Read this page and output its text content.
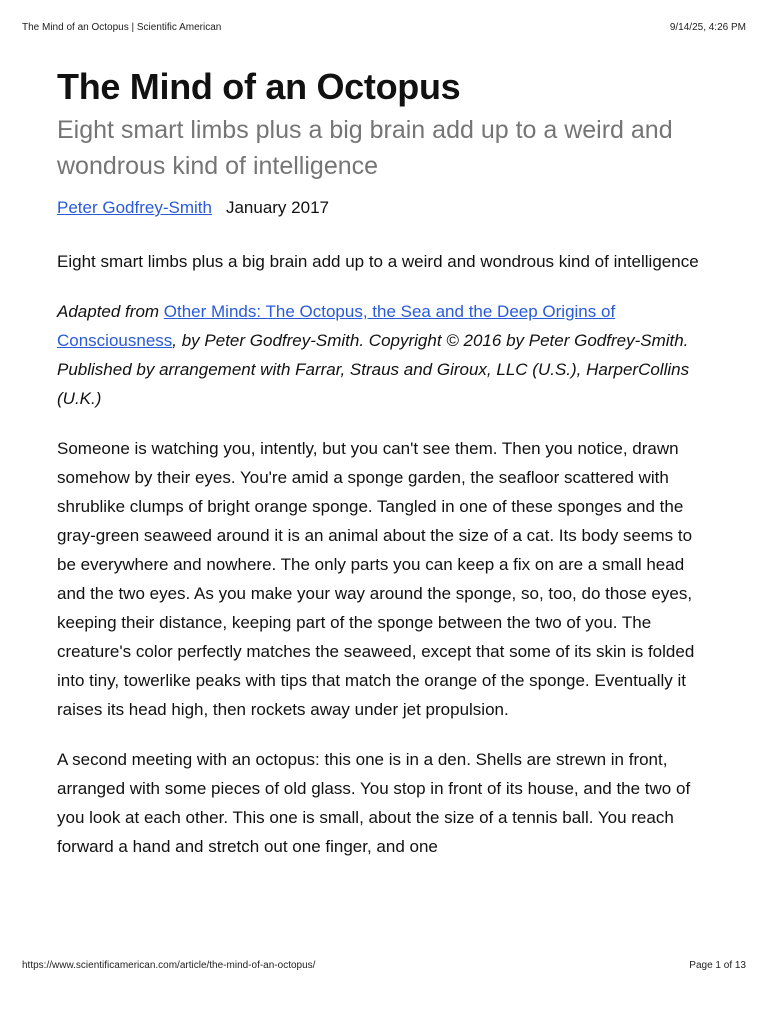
The Mind of an Octopus | Scientific American	9/14/25, 4:26 PM
The Mind of an Octopus
Eight smart limbs plus a big brain add up to a weird and wondrous kind of intelligence
Peter Godfrey-Smith January 2017

Eight smart limbs plus a big brain add up to a weird and wondrous kind of intelligence

Adapted from Other Minds: The Octopus, the Sea and the Deep Origins of Consciousness, by Peter Godfrey-Smith. Copyright © 2016 by Peter Godfrey-Smith. Published by arrangement with Farrar, Straus and Giroux, LLC (U.S.), HarperCollins (U.K.)

Someone is watching you, intently, but you can't see them. Then you notice, drawn somehow by their eyes. You're amid a sponge garden, the seafloor scattered with shrublike clumps of bright orange sponge. Tangled in one of these sponges and the gray-green seaweed around it is an animal about the size of a cat. Its body seems to be everywhere and nowhere. The only parts you can keep a fix on are a small head and the two eyes. As you make your way around the sponge, so, too, do those eyes, keeping their distance, keeping part of the sponge between the two of you. The creature's color perfectly matches the seaweed, except that some of its skin is folded into tiny, towerlike peaks with tips that match the orange of the sponge. Eventually it raises its head high, then rockets away under jet propulsion.

A second meeting with an octopus: this one is in a den. Shells are strewn in front, arranged with some pieces of old glass. You stop in front of its house, and the two of you look at each other. This one is small, about the size of a tennis ball. You reach forward a hand and stretch out one finger, and one

https://www.scientificamerican.com/article/the-mind-of-an-octopus/	Page 1 of 13
